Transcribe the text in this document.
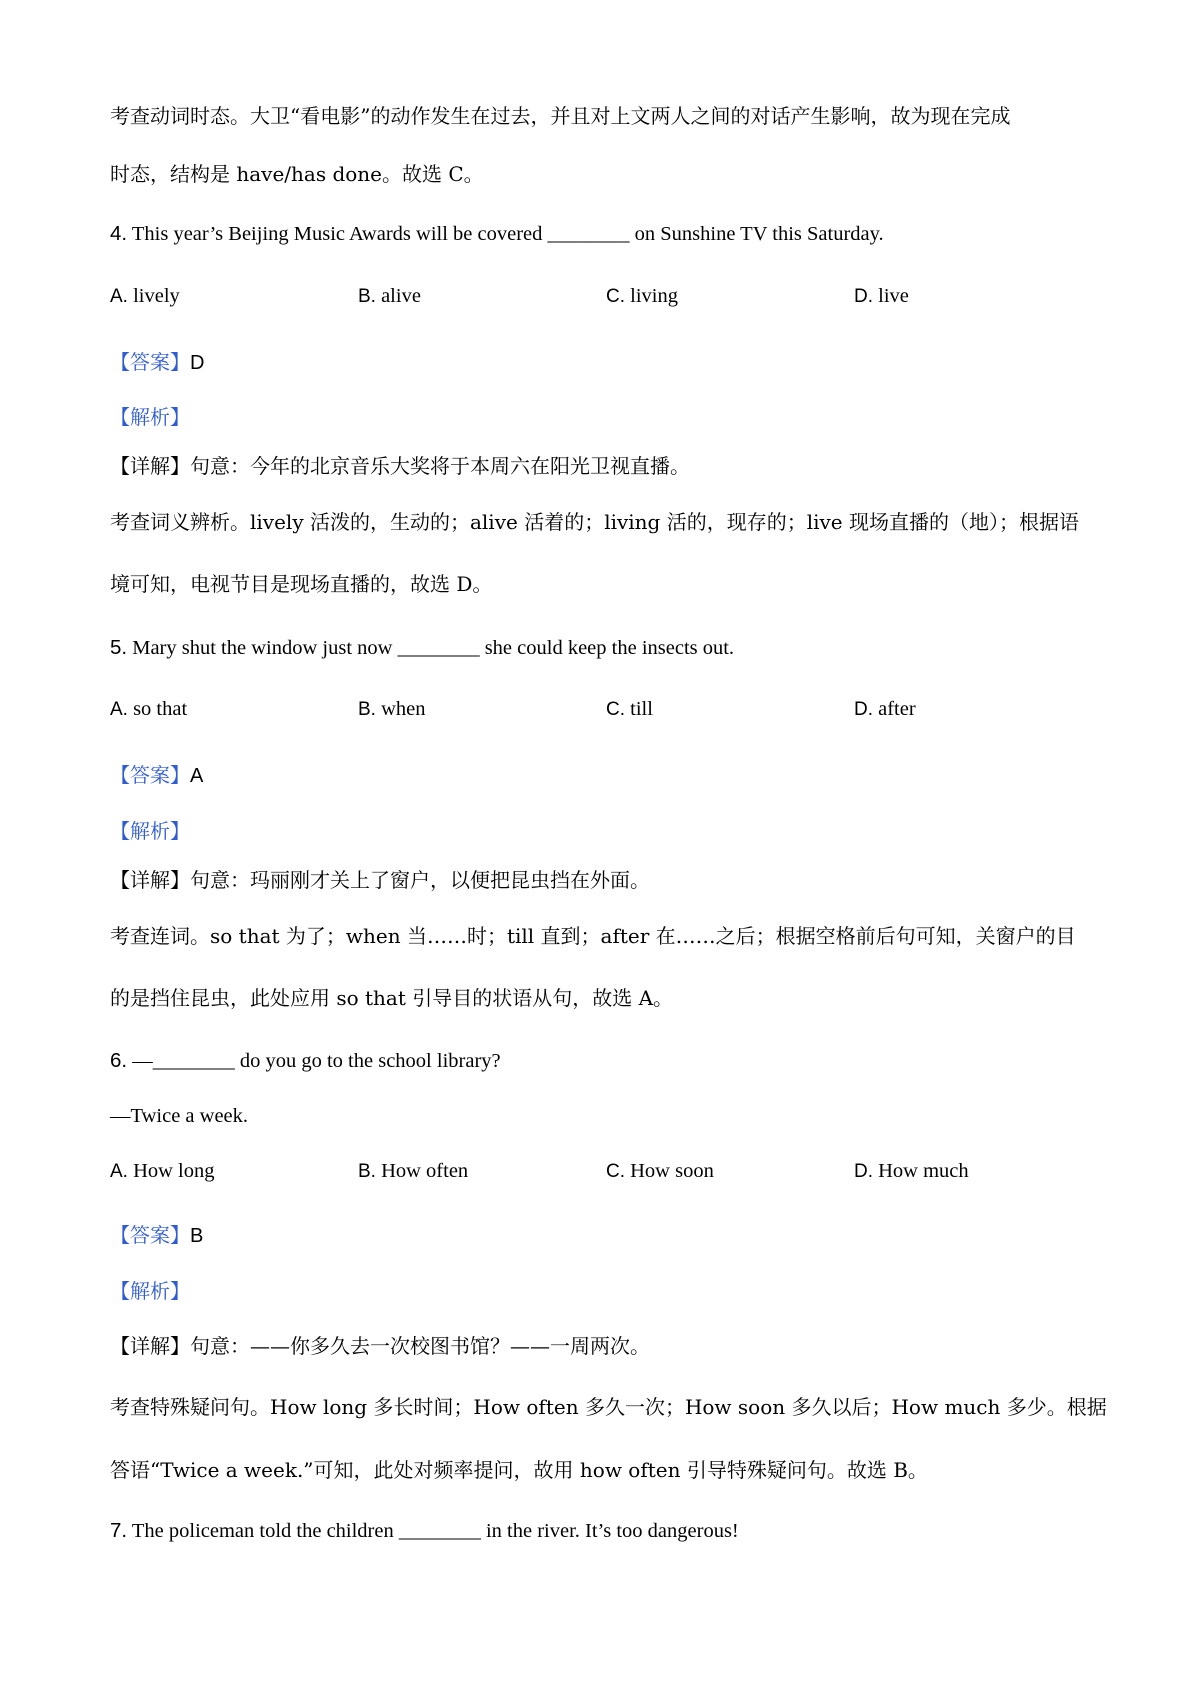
考查动词时态。大卫“看电影”的动作发生在过去，并且对上文两人之间的对话产生影响，故为现在完成
时态，结构是 have/has done。故选 C。
4. This year’s Beijing Music Awards will be covered ________ on Sunshine TV this Saturday.
A. lively	B. alive	C. living	D. live
【答案】D
【解析】
【详解】句意：今年的北京音乐大奖将于本周六在阳光卫视直播。
考查词义辨析。lively 活泼的，生动的；alive 活着的；living 活的，现存的；live 现场直播的（地）；根据语
境可知，电视节目是现场直播的，故选 D。
5. Mary shut the window just now ________ she could keep the insects out.
A. so that	B. when	C. till	D. after
【答案】A
【解析】
【详解】句意：玛丽刚才关上了窗户，以便把昆虫挡在外面。
考查连词。so that 为了；when 当……时；till 直到；after 在……之后；根据空格前后句可知，关窗户的目
的是挡住昆虫，此处应用 so that 引导目的状语从句，故选 A。
6. —________ do you go to the school library?
—Twice a week.
A. How long	B. How often	C. How soon	D. How much
【答案】B
【解析】
【详解】句意：——你多久去一次校图书馆？——一周两次。
考查特殊疑问句。How long 多长时间；How often 多久一次；How soon 多久以后；How much 多少。根据
答语“Twice a week.”可知，此处对频率提问，故用 how often 引导特殊疑问句。故选 B。
7. The policeman told the children ________ in the river. It’s too dangerous!
